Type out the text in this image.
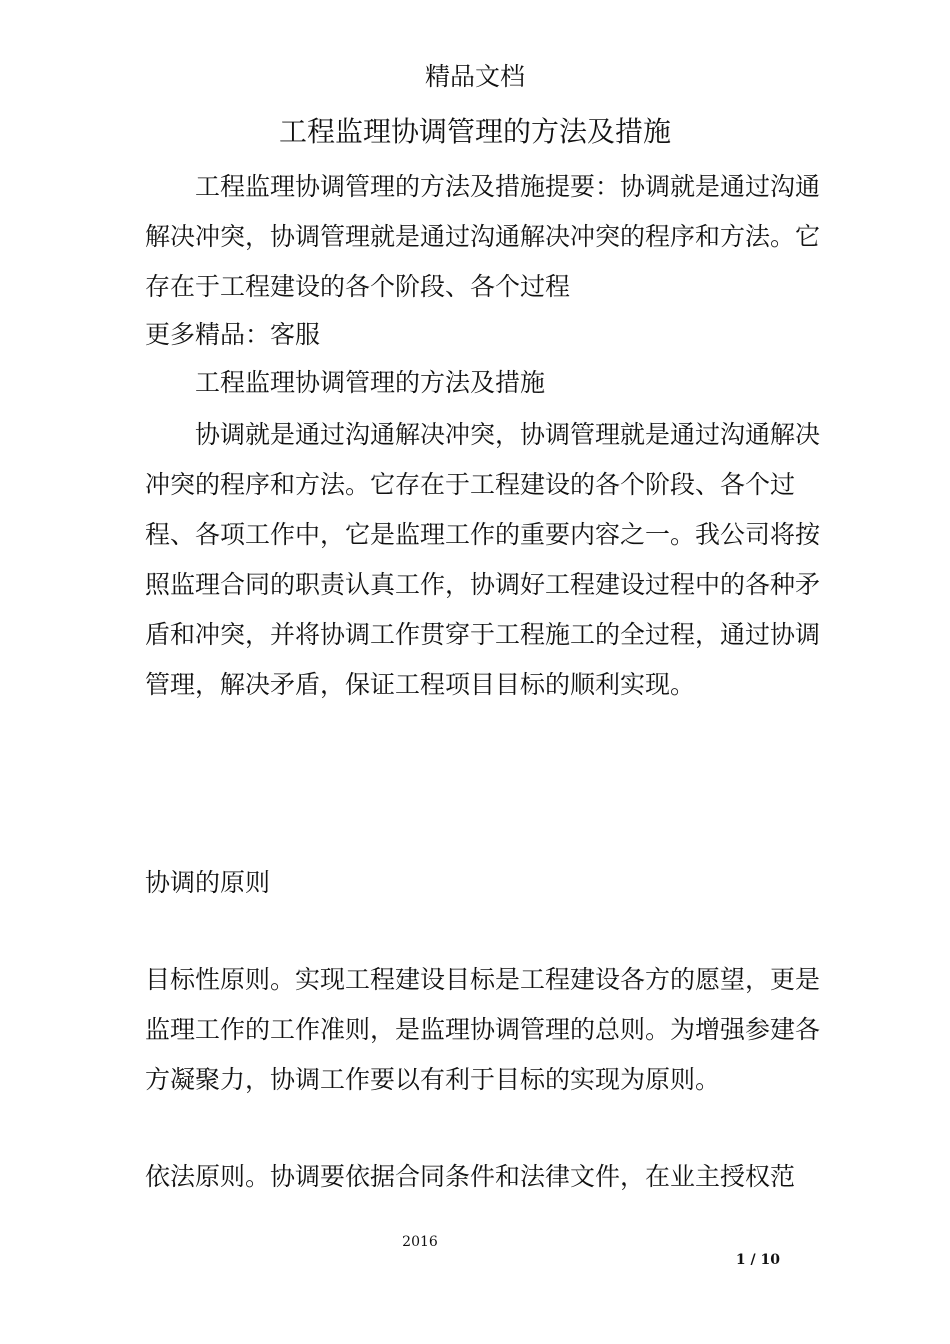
精品文档
工程监理协调管理的方法及措施

工程监理协调管理的方法及措施提要：协调就是通过沟通解决冲突，协调管理就是通过沟通解决冲突的程序和方法。它存在于工程建设的各个阶段、各个过程

更多精品：客服

工程监理协调管理的方法及措施

协调就是通过沟通解决冲突，协调管理就是通过沟通解决冲突的程序和方法。它存在于工程建设的各个阶段、各个过程、各项工作中，它是监理工作的重要内容之一。我公司将按照监理合同的职责认真工作，协调好工程建设过程中的各种矛盾和冲突，并将协调工作贯穿于工程施工的全过程，通过协调管理，解决矛盾，保证工程项目目标的顺利实现。

协调的原则

目标性原则。实现工程建设目标是工程建设各方的愿望，更是监理工作的工作准则，是监理协调管理的总则。为增强参建各方凝聚力，协调工作要以有利于目标的实现为原则。

依法原则。协调要依据合同条件和法律文件，在业主授权范

2016
1 / 10
